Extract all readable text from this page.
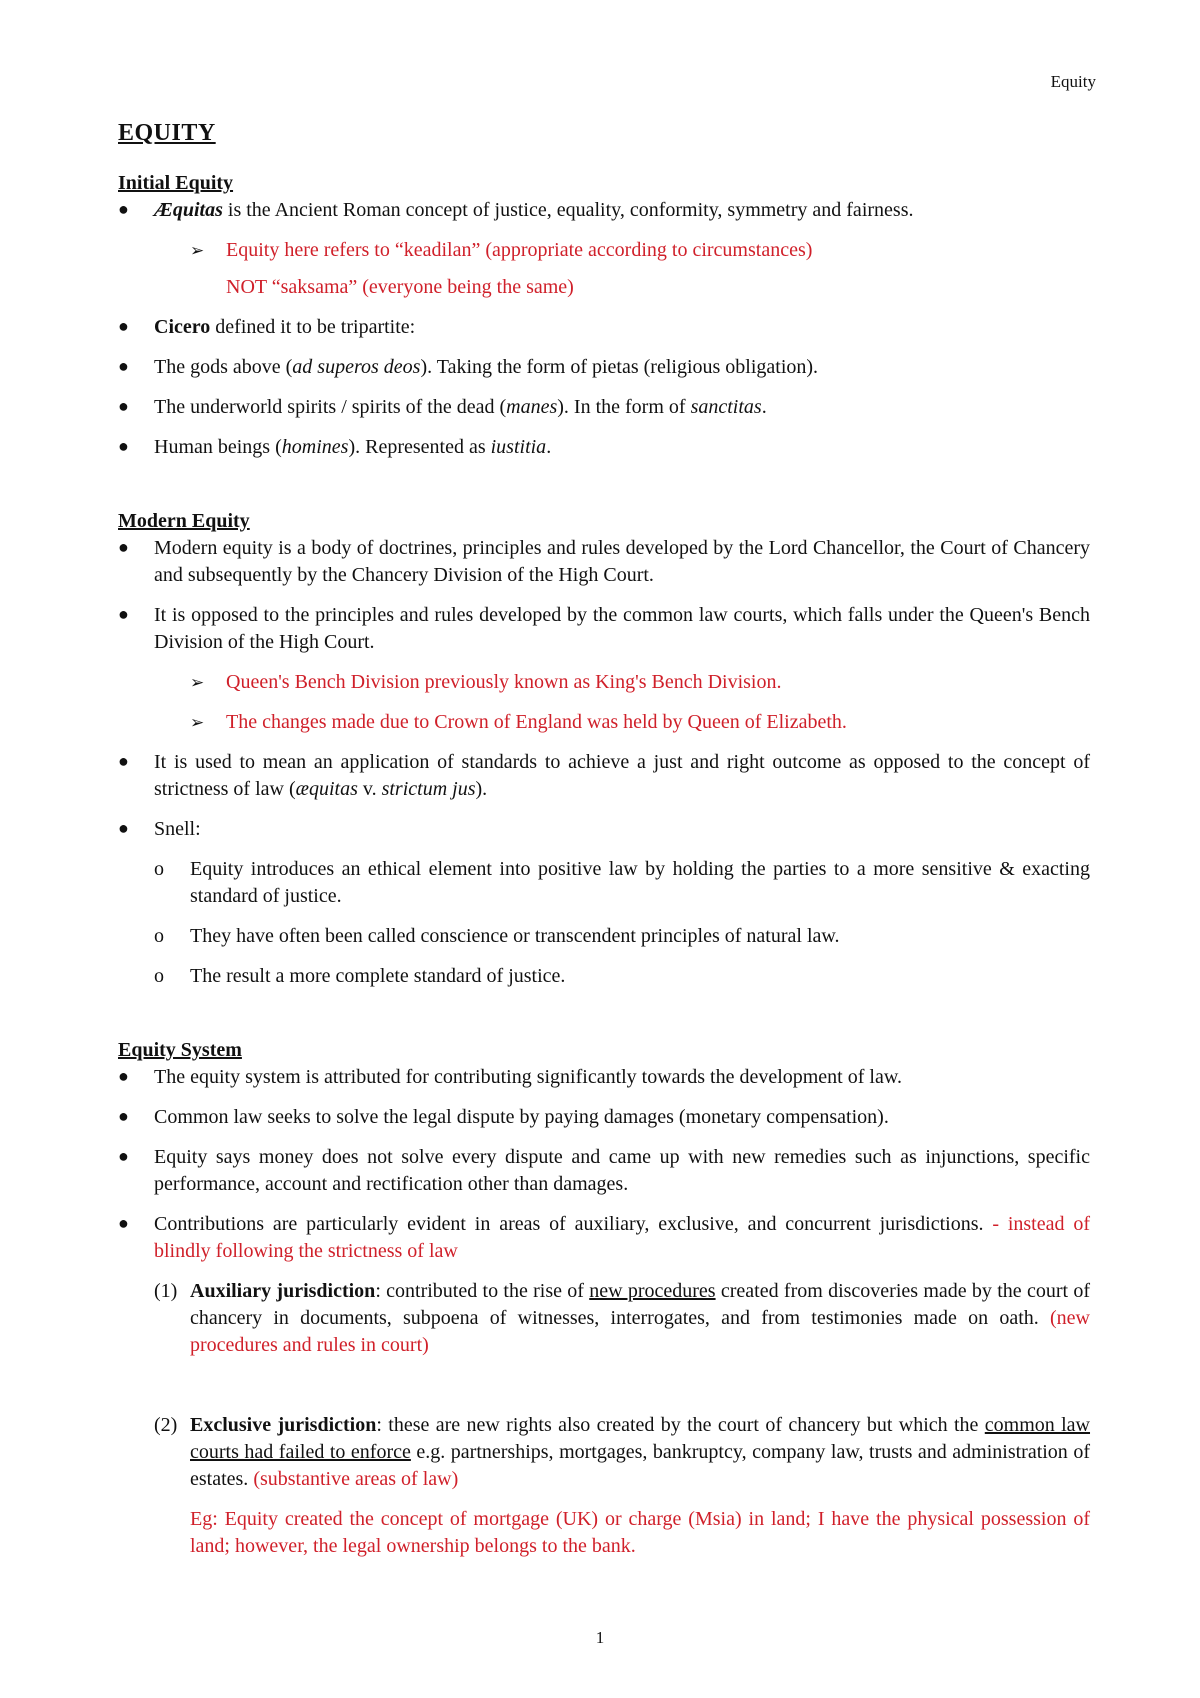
Equity
EQUITY

Initial Equity

● Æquitas is the Ancient Roman concept of justice, equality, conformity, symmetry and fairness.
➢ Equity here refers to “keadilan” (appropriate according to circumstances)
NOT “saksama” (everyone being the same)
● Cicero defined it to be tripartite:
● The gods above (ad superos deos). Taking the form of pietas (religious obligation).
● The underworld spirits / spirits of the dead (manes). In the form of sanctitas.
● Human beings (homines). Represented as iustitia.

Modern Equity

● Modern equity is a body of doctrines, principles and rules developed by the Lord Chancellor, the Court of Chancery and subsequently by the Chancery Division of the High Court.
● It is opposed to the principles and rules developed by the common law courts, which falls under the Queen's Bench Division of the High Court.
➢ Queen's Bench Division previously known as King's Bench Division.
➢ The changes made due to Crown of England was held by Queen of Elizabeth.
● It is used to mean an application of standards to achieve a just and right outcome as opposed to the concept of strictness of law (æquitas v. strictum jus).
● Snell:
o Equity introduces an ethical element into positive law by holding the parties to a more sensitive & exacting standard of justice.
o They have often been called conscience or transcendent principles of natural law.
o The result a more complete standard of justice.

Equity System

● The equity system is attributed for contributing significantly towards the development of law.
● Common law seeks to solve the legal dispute by paying damages (monetary compensation).
● Equity says money does not solve every dispute and came up with new remedies such as injunctions, specific performance, account and rectification other than damages.
● Contributions are particularly evident in areas of auxiliary, exclusive, and concurrent jurisdictions. - instead of blindly following the strictness of law
(1) Auxiliary jurisdiction: contributed to the rise of new procedures created from discoveries made by the court of chancery in documents, subpoena of witnesses, interrogates, and from testimonies made on oath. (new procedures and rules in court)
(2) Exclusive jurisdiction: these are new rights also created by the court of chancery but which the common law courts had failed to enforce e.g. partnerships, mortgages, bankruptcy, company law, trusts and administration of estates. (substantive areas of law)

Eg: Equity created the concept of mortgage (UK) or charge (Msia) in land; I have the physical possession of land; however, the legal ownership belongs to the bank.

1
